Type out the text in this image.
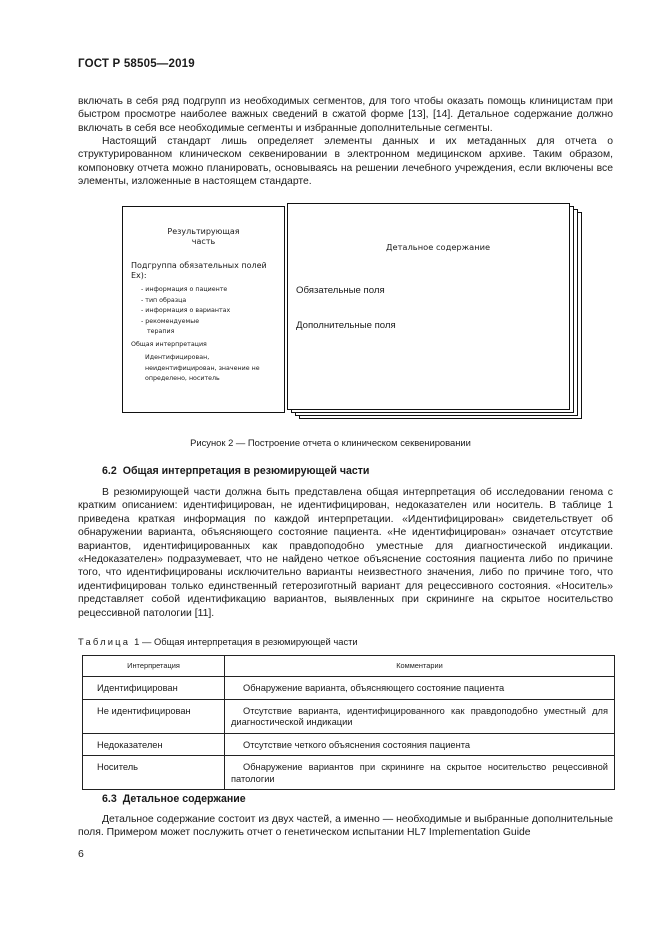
ГОСТ Р 58505—2019

включать в себя ряд подгрупп из необходимых сегментов, для того чтобы оказать помощь клиницистам при быстром просмотре наиболее важных сведений в сжатой форме [13], [14]. Детальное содержание должно включать в себя все необходимые сегменты и избранные дополнительные сегменты.

Настоящий стандарт лишь определяет элементы данных и их метаданных для отчета о структурированном клиническом секвенировании в электронном медицинском архиве. Таким образом, компоновку отчета можно планировать, основываясь на решении лечебного учреждения, если включены все элементы, изложенные в настоящем стандарте.

Результирующая
часть
Подгруппа обязательных полей
Ex):
- информация о пациенте
- тип образца
- информация о вариантах
- рекомендуемые
терапия
Общая интерпретация
Идентифицирован, неидентифицирован, значение не определено, носитель
Детальное содержание
Обязательные поля
Дополнительные поля
Рисунок 2 — Построение отчета о клиническом секвенировании

6.2 Общая интерпретация в резюмирующей части

В резюмирующей части должна быть представлена общая интерпретация об исследовании генома с кратким описанием: идентифицирован, не идентифицирован, недоказателен или носитель. В таблице 1 приведена краткая информация по каждой интерпретации. «Идентифицирован» свидетельствует об обнаружении варианта, объясняющего состояние пациента. «Не идентифицирован» означает отсутствие вариантов, идентифицированных как правдоподобно уместные для диагностической индикации. «Недоказателен» подразумевает, что не найдено четкое объяснение состояния пациента либо по причине того, что идентифицированы исключительно варианты неизвестного значения, либо по причине того, что идентифицирован только единственный гетерозиготный вариант для рецессивного состояния. «Носитель» представляет собой идентификацию вариантов, выявленных при скрининге на скрытое носительство рецессивной патологии [11].

Таблица 1 — Общая интерпретация в резюмирующей части
Интерпретация	Комментарии
Идентифицирован	Обнаружение варианта, объясняющего состояние пациента

Не идентифицирован	Отсутствие варианта, идентифицированного как правдоподобно уместный для диагностической индикации

Недоказателен	Отсутствие четкого объяснения состояния пациента

Носитель	Обнаружение вариантов при скрининге на скрытое носительство рецессивной патологии

6.3 Детальное содержание

Детальное содержание состоит из двух частей, а именно — необходимые и выбранные дополнительные поля. Примером может послужить отчет о генетическом испытании HL7 Implementation Guide

6
